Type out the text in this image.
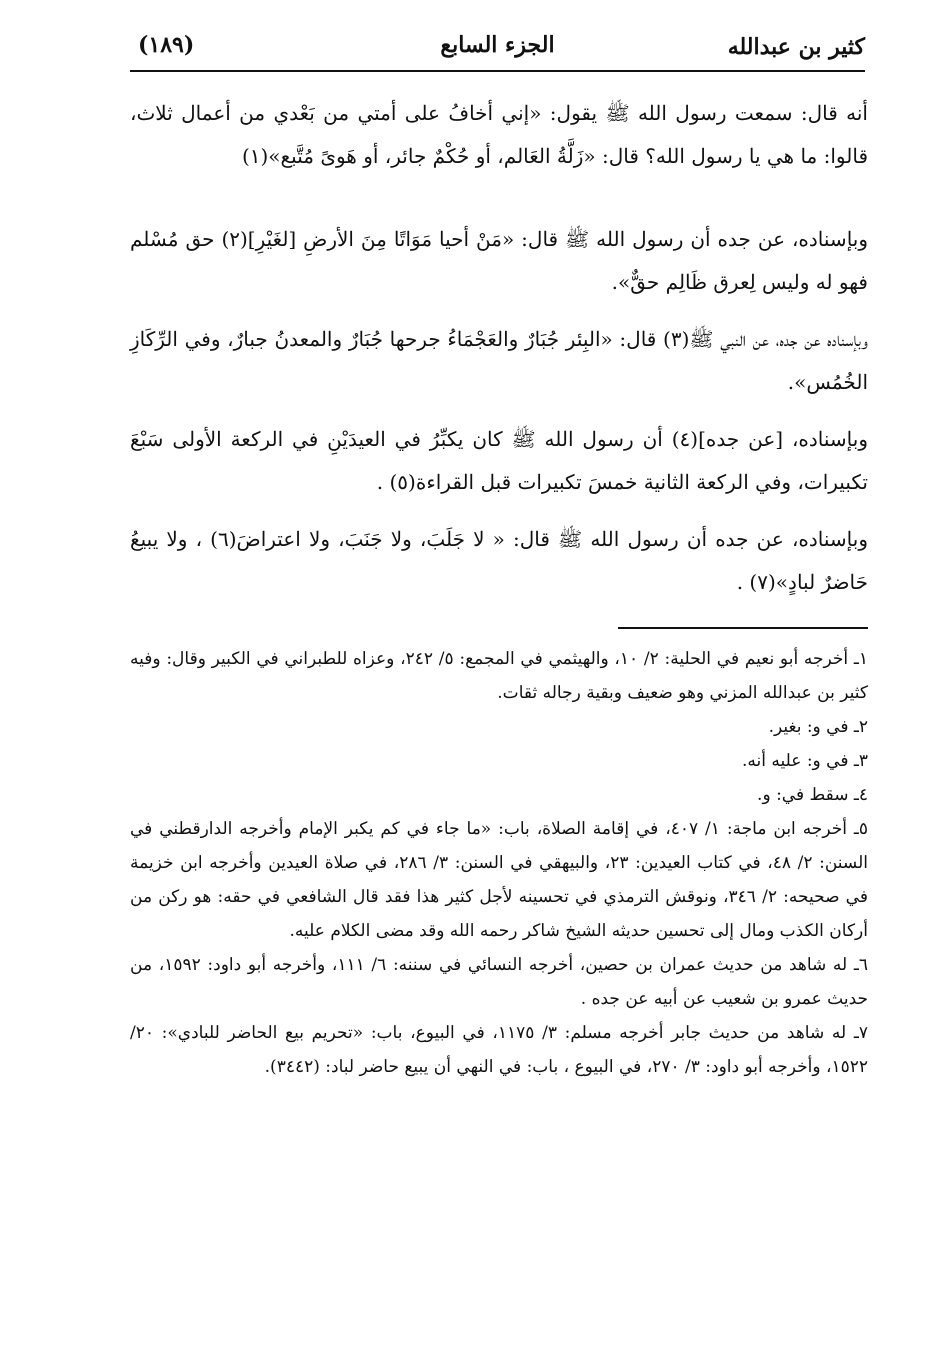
كثير بن عبدالله
الجزء السابع
(١٨٩)

أنه قال: سمعت رسول الله ﷺ يقول: «إني أخافُ على أمتي من بَعْدي من أعمال ثلاث، قالوا: ما هي يا رسول الله؟ قال: «زَلَّةُ العَالم، أو حُكْمٌ جائر، أو هَوىً مُتَّبع»(١)

وبإسناده، عن جده أن رسول الله ﷺ قال: «مَنْ أحيا مَوَاتًا مِنَ الأرضِ [لغَيْرِ](٢) حق مُسْلم فهو له وليس لِعرق ظَالِم حقٌّ».

وبإسناده عن جده، عن النبي ﷺ(٣) قال: «البِئر جُبَارٌ والعَجْمَاءُ جرحها جُبَارٌ والمعدنُ جبارٌ، وفي الرِّكَازِ الخُمُس».

وبإسناده، [عن جده](٤) أن رسول الله ﷺ كان يكبِّرُ في العيدَيْنِ في الركعة الأولى سَبْعَ تكبيرات، وفي الركعة الثانية خمسَ تكبيرات قبل القراءة(٥) .

وبإسناده، عن جده أن رسول الله ﷺ قال: « لا جَلَبَ، ولا جَنَبَ، ولا اعتراضَ(٦) ، ولا يبيعُ حَاضرٌ لبادٍ»(٧) .

١ـ أخرجه أبو نعيم في الحلية: ٢/ ١٠، والهيثمي في المجمع: ٥/ ٢٤٢، وعزاه للطبراني في الكبير وقال: وفيه كثير بن عبدالله المزني وهو ضعيف وبقية رجاله ثقات.

٢ـ في و: بغير.

٣ـ في و: عليه أنه.

٤ـ سقط في: و.

٥ـ أخرجه ابن ماجة: ١/ ٤٠٧، في إقامة الصلاة، باب: «ما جاء في كم يكبر الإمام وأخرجه الدارقطني في السنن: ٢/ ٤٨، في كتاب العيدين: ٢٣، والبيهقي في السنن: ٣/ ٢٨٦، في صلاة العيدين وأخرجه ابن خزيمة في صحيحه: ٢/ ٣٤٦، ونوقش الترمذي في تحسينه لأجل كثير هذا فقد قال الشافعي في حقه: هو ركن من أركان الكذب ومال إلى تحسين حديثه الشيخ شاكر رحمه الله وقد مضى الكلام عليه.

٦ـ له شاهد من حديث عمران بن حصين، أخرجه النسائي في سننه: ٦/ ١١١، وأخرجه أبو داود: ١٥٩٢، من حديث عمرو بن شعيب عن أبيه عن جده .

٧ـ له شاهد من حديث جابر أخرجه مسلم: ٣/ ١١٧٥، في البيوع، باب: «تحريم بيع الحاضر للبادي»: ٢٠/ ١٥٢٢، وأخرجه أبو داود: ٣/ ٢٧٠، في البيوع ، باب: في النهي أن يبيع حاضر لباد: (٣٤٤٢).
